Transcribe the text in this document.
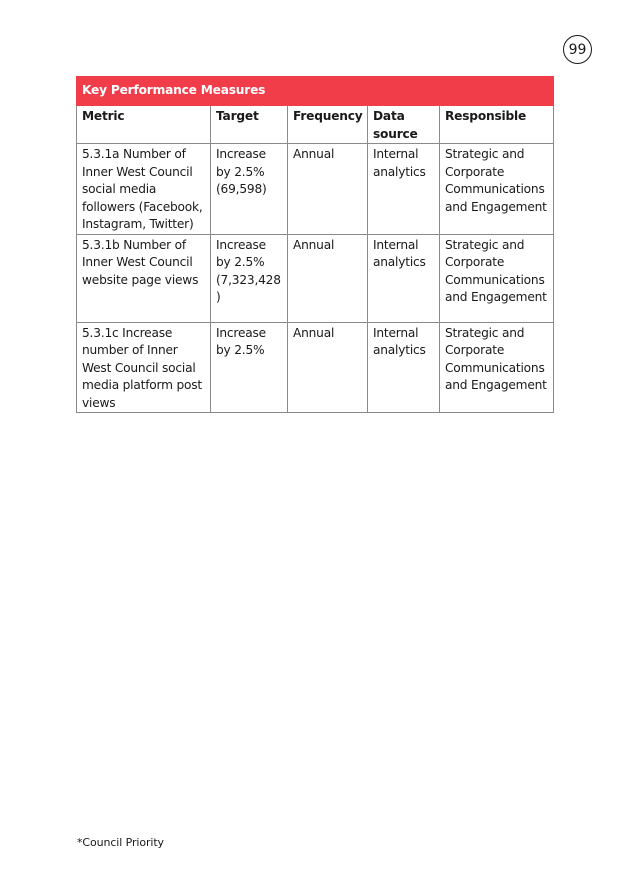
99
Key Performance Measures				
Metric	Target	Frequency	Data source	Responsible
5.3.1a Number of Inner West Council social media followers (Facebook, Instagram, Twitter)	Increase by 2.5% (69,598)	Annual	Internal analytics	Strategic and Corporate Communications and Engagement
5.3.1b Number of Inner West Council website page views	Increase by 2.5% (7,323,428)	Annual	Internal analytics	Strategic and Corporate Communications and Engagement
5.3.1c Increase number of Inner West Council social media platform post views	Increase by 2.5%	Annual	Internal analytics	Strategic and Corporate Communications and Engagement
*Council Priority
